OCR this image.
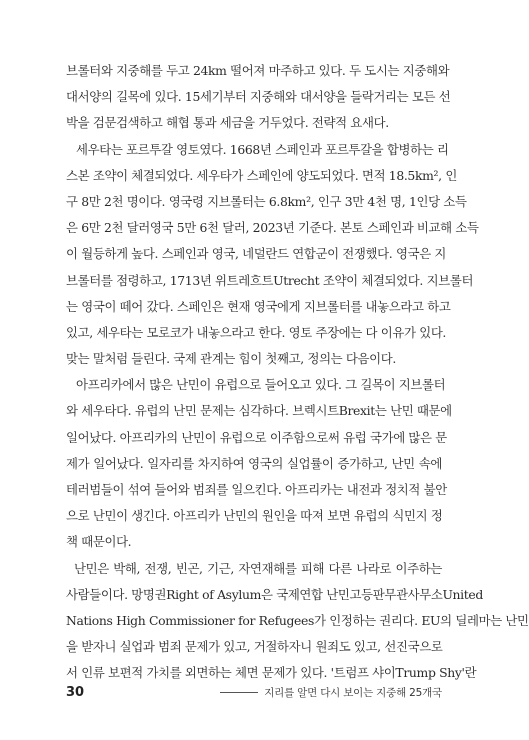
브롤터와 지중해를 두고 24km 떨어져 마주하고 있다. 두 도시는 지중해와
대서양의 길목에 있다. 15세기부터 지중해와 대서양을 들락거리는 모든 선
박을 검문검색하고 해협 통과 세금을 거두었다. 전략적 요새다.

세우타는 포르투갈 영토였다. 1668년 스페인과 포르투갈을 합병하는 리
스본 조약이 체결되었다. 세우타가 스페인에 양도되었다. 면적 18.5km², 인
구 8만 2천 명이다. 영국령 지브롤터는 6.8km², 인구 3만 4천 명, 1인당 소득
은 6만 2천 달러영국 5만 6천 달러, 2023년 기준다. 본토 스페인과 비교해 소득
이 월등하게 높다. 스페인과 영국, 네덜란드 연합군이 전쟁했다. 영국은 지
브롤터를 점령하고, 1713년 위트레흐트Utrecht 조약이 체결되었다. 지브롤터
는 영국이 떼어 갔다. 스페인은 현재 영국에게 지브롤터를 내놓으라고 하고
있고, 세우타는 모로코가 내놓으라고 한다. 영토 주장에는 다 이유가 있다.
맞는 말처럼 들린다. 국제 관계는 힘이 첫째고, 정의는 다음이다.

아프리카에서 많은 난민이 유럽으로 들어오고 있다. 그 길목이 지브롤터
와 세우타다. 유럽의 난민 문제는 심각하다. 브렉시트Brexit는 난민 때문에
일어났다. 아프리카의 난민이 유럽으로 이주함으로써 유럽 국가에 많은 문
제가 일어났다. 일자리를 차지하여 영국의 실업률이 증가하고, 난민 속에
테러범들이 섞여 들어와 범죄를 일으킨다. 아프리카는 내전과 정치적 불안
으로 난민이 생긴다. 아프리카 난민의 원인을 따져 보면 유럽의 식민지 정
책 때문이다.

난민은 박해, 전쟁, 빈곤, 기근, 자연재해를 피해 다른 나라로 이주하는
사람들이다. 망명권Right of Asylum은 국제연합 난민고등판무관사무소United
Nations High Commissioner for Refugees가 인정하는 권리다. EU의 딜레마는 난민
을 받자니 실업과 범죄 문제가 있고, 거절하자니 원죄도 있고, 선진국으로
서 인류 보편적 가치를 외면하는 체면 문제가 있다. '트럼프 샤이Trump Shy'란

30	지리를 알면 다시 보이는 지중해 25개국
